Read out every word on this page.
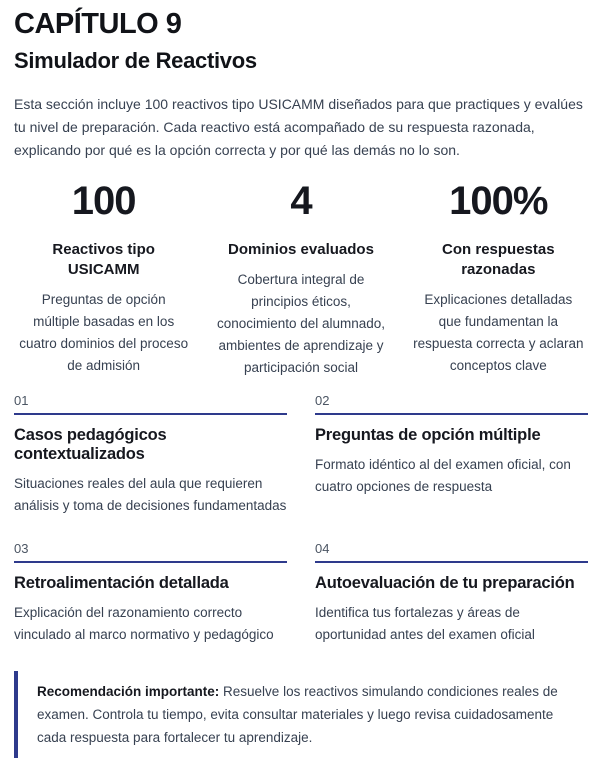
CAPÍTULO 9
Simulador de Reactivos

Esta sección incluye 100 reactivos tipo USICAMM diseñados para que practiques y evalúes tu nivel de preparación. Cada reactivo está acompañado de su respuesta razonada, explicando por qué es la opción correcta y por qué las demás no lo son.

100
Reactivos tipo USICAMM
Preguntas de opción múltiple basadas en los cuatro dominios del proceso de admisión
4
Dominios evaluados
Cobertura integral de principios éticos, conocimiento del alumnado, ambientes de aprendizaje y participación social
100%
Con respuestas razonadas
Explicaciones detalladas que fundamentan la respuesta correcta y aclaran conceptos clave
01
Casos pedagógicos contextualizados
Situaciones reales del aula que requieren análisis y toma de decisiones fundamentadas
02
Preguntas de opción múltiple
Formato idéntico al del examen oficial, con cuatro opciones de respuesta
03
Retroalimentación detallada
Explicación del razonamiento correcto vinculado al marco normativo y pedagógico
04
Autoevaluación de tu preparación
Identifica tus fortalezas y áreas de oportunidad antes del examen oficial

Recomendación importante: Resuelve los reactivos simulando condiciones reales de examen. Controla tu tiempo, evita consultar materiales y luego revisa cuidadosamente cada respuesta para fortalecer tu aprendizaje.
